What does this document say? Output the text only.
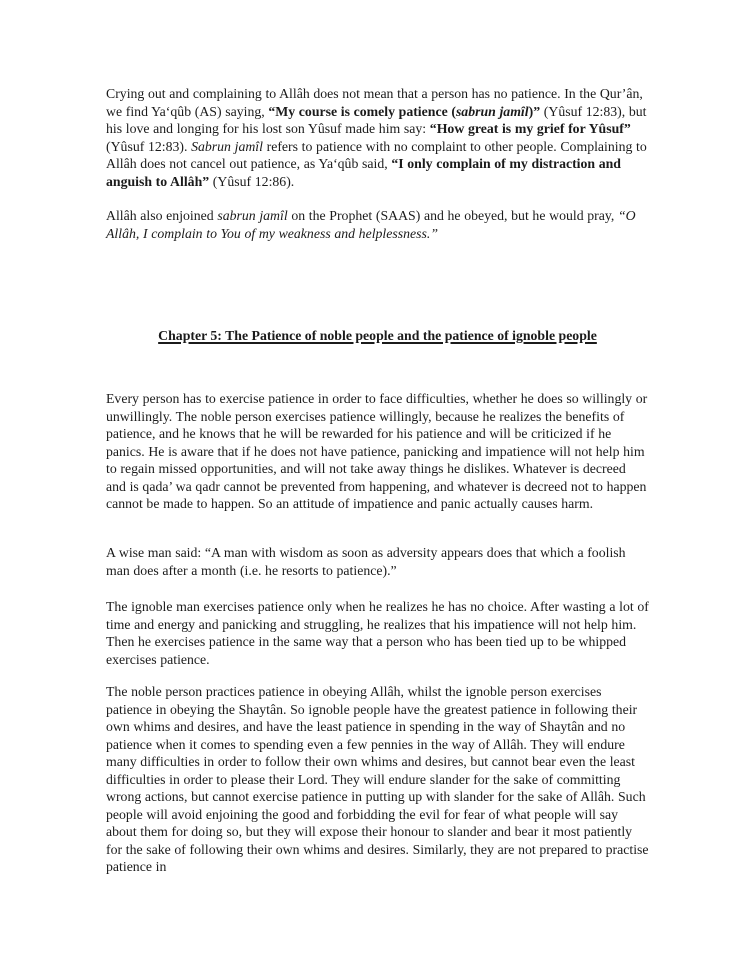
Crying out and complaining to Allâh does not mean that a person has no patience. In the Qur’ân, we find Ya‘qûb (AS) saying, “My course is comely patience (sabrun jamîl)” (Yûsuf 12:83), but his love and longing for his lost son Yûsuf made him say: “How great is my grief for Yûsuf” (Yûsuf 12:83). Sabrun jamîl refers to patience with no complaint to other people. Complaining to Allâh does not cancel out patience, as Ya‘qûb said, “I only complain of my distraction and anguish to Allâh” (Yûsuf 12:86).

Allâh also enjoined sabrun jamîl on the Prophet (SAAS) and he obeyed, but he would pray, “O Allâh, I complain to You of my weakness and helplessness.”

Chapter 5: The Patience of noble people and the patience of ignoble people

Every person has to exercise patience in order to face difficulties, whether he does so willingly or unwillingly. The noble person exercises patience willingly, because he realizes the benefits of patience, and he knows that he will be rewarded for his patience and will be criticized if he panics. He is aware that if he does not have patience, panicking and impatience will not help him to regain missed opportunities, and will not take away things he dislikes. Whatever is decreed and is qada’ wa qadr cannot be prevented from happening, and whatever is decreed not to happen cannot be made to happen. So an attitude of impatience and panic actually causes harm.

A wise man said: “A man with wisdom as soon as adversity appears does that which a foolish man does after a month (i.e. he resorts to patience).”

The ignoble man exercises patience only when he realizes he has no choice. After wasting a lot of time and energy and panicking and struggling, he realizes that his impatience will not help him. Then he exercises patience in the same way that a person who has been tied up to be whipped exercises patience.

The noble person practices patience in obeying Allâh, whilst the ignoble person exercises patience in obeying the Shaytân. So ignoble people have the greatest patience in following their own whims and desires, and have the least patience in spending in the way of Shaytân and no patience when it comes to spending even a few pennies in the way of Allâh. They will endure many difficulties in order to follow their own whims and desires, but cannot bear even the least difficulties in order to please their Lord. They will endure slander for the sake of committing wrong actions, but cannot exercise patience in putting up with slander for the sake of Allâh. Such people will avoid enjoining the good and forbidding the evil for fear of what people will say about them for doing so, but they will expose their honour to slander and bear it most patiently for the sake of following their own whims and desires. Similarly, they are not prepared to practise patience in
